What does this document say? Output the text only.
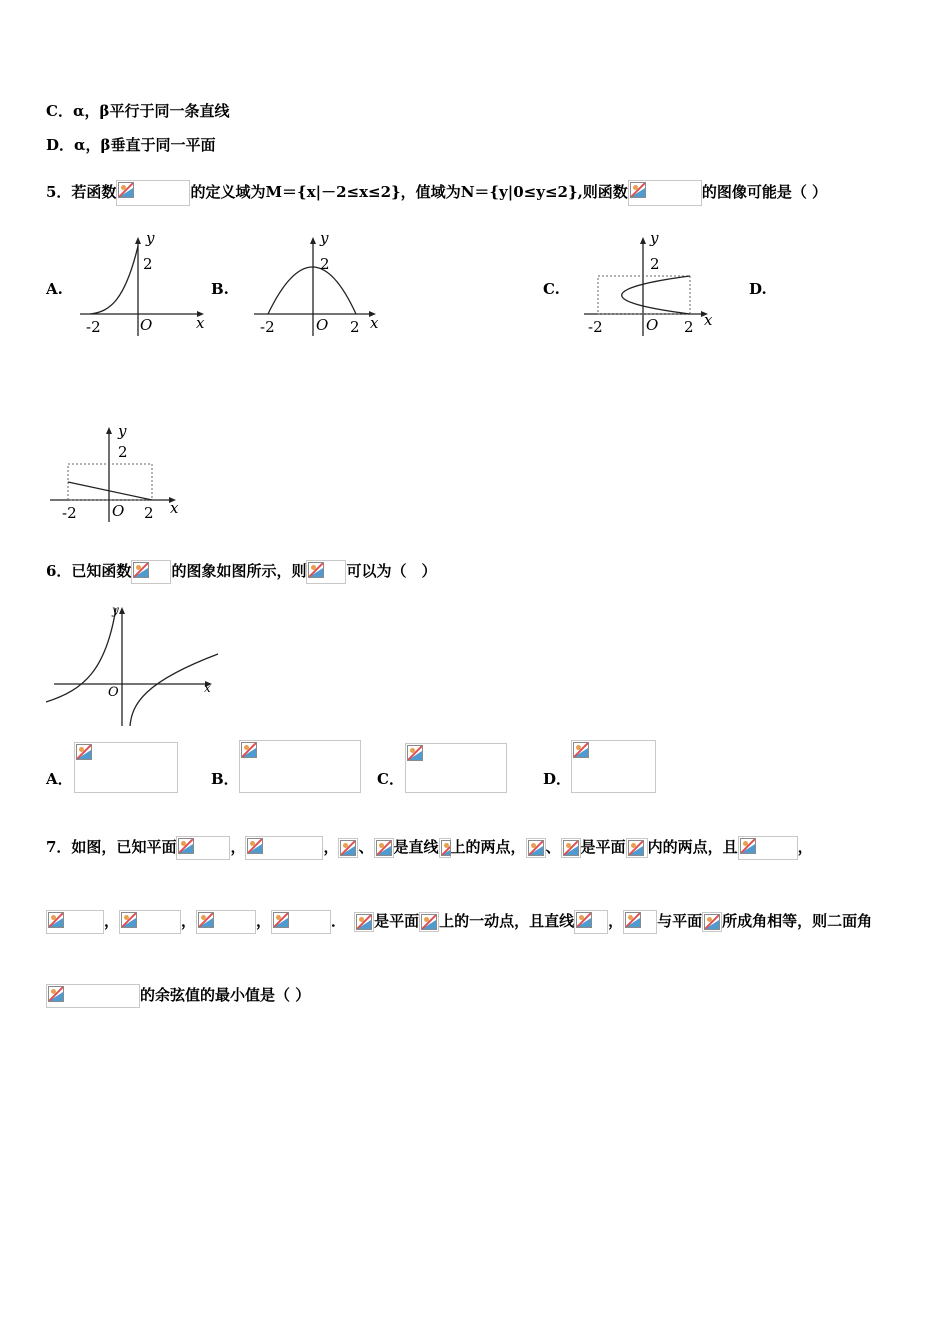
C．α，β平行于同一条直线
D．α，β垂直于同一平面
5．若函数	的定义域为M＝{x|－2≤x≤2}，值域为N＝{y|0≤y≤2},则函数	的图像可能是（ ）
A.	B.	C.	D.
y
2
x
-2	O
y
2
x
-2	O 2
y
2
x
-2	O 2
y
2
x
-2 O 2
6．已知函数	的图象如图所示，则	可以为（　）
y
O	x
A．	B．	C．	D．
7．如图，已知平面	，	， 、 是直线 上的两点， 、 是平面 内的两点，且	，
，	，	，	． 是平面 上的一动点，且直线 ， 与平面 所成角相等，则二面角
的余弦值的最小值是（ ）
